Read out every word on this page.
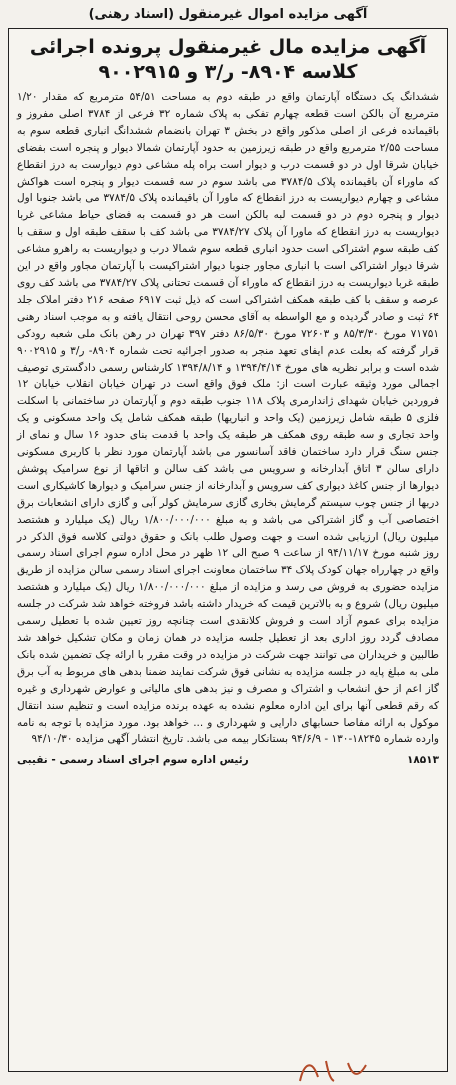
آگهی مزایده اموال غیرمنقول (اسناد رهنی)
آگهی مزایده مال غیرمنقول پرونده اجرائی
کلاسه ۸۹۰۴- ر/۳ و ۹۰۰۲۹۱۵

ششدانگ یک دستگاه آپارتمان واقع در طبقه دوم به مساحت ۵۴/۵۱ مترمربع که مقدار ۱/۲۰ مترمربع آن بالکن است قطعه چهارم تفکی به پلاک شماره ۳۲ فرعی از ۳۷۸۴ اصلی مفروز و باقیمانده فرعی از اصلی مذکور واقع در بخش ۳ تهران بانضمام ششدانگ انباری قطعه سوم به مساحت ۲/۵۵ مترمربع واقع در طبقه زیرزمین به حدود آپارتمان شمالا دیوار و پنجره است بفضای خیابان شرقا اول در دو قسمت درب و دیوار است براه پله مشاعی دوم دیوارست به درز انقطاع که ماوراء آن باقیمانده پلاک ۳۷۸۴/۵ می باشد سوم در سه قسمت دیوار و پنجره است هواکش مشاعی و چهارم دیواریست به درز انقطاع که ماورا آن باقیمانده پلاک ۳۷۸۴/۵ می باشد جنوبا اول دیوار و پنجره دوم در دو قسمت لبه بالکن است هر دو قسمت به فضای حیاط مشاعی غربا دیواریست به درز انقطاع که ماورا آن پلاک ۳۷۸۴/۲۷ می باشد کف با سقف طبقه اول و سقف با کف طبقه سوم اشتراکی است حدود انباری قطعه سوم شمالا درب و دیواریست به راهرو مشاعی شرقا دیوار اشتراکی است با انباری مجاور جنوبا دیوار اشتراکیست با آپارتمان مجاور واقع در این طبقه غربا دیواریست به درز انقطاع که ماوراء آن قسمت تحتانی پلاک ۳۷۸۴/۲۷ می باشد کف روی عرصه و سقف با کف طبقه همکف اشتراکی است که ذیل ثبت ۶۹۱۷ صفحه ۲۱۶ دفتر املاک جلد ۶۴ ثبت و صادر گردیده و مع الواسطه به آقای محسن روحی انتقال یافته و به موجب اسناد رهنی ۷۱۷۵۱ مورخ ۸۵/۳/۳۰ و ۷۲۶۰۳ مورخ ۸۶/۵/۳۰ دفتر ۳۹۷ تهران در رهن بانک ملی شعبه رودکی قرار گرفته که بعلت عدم ایفای تعهد منجر به صدور اجرائیه تحت شماره ۸۹۰۴- ر/۳ و ۹۰۰۲۹۱۵ شده است و برابر نظریه های مورخ ۱۳۹۴/۴/۱۴ و ۱۳۹۴/۸/۱۴ کارشناس رسمی دادگستری توصیف اجمالی مورد وثیقه عبارت است از: ملک فوق واقع است در تهران خیابان انقلاب خیابان ۱۲ فروردین خیابان شهدای ژاندارمری پلاک ۱۱۸ جنوب طبقه دوم و آپارتمان در ساختمانی با اسکلت فلزی ۵ طبقه شامل زیرزمین (یک واحد و انباریها) طبقه همکف شامل یک واحد مسکونی و یک واحد تجاری و سه طبقه روی همکف هر طبقه یک واحد با قدمت بنای حدود ۱۶ سال و نمای از جنس سنگ قرار دارد ساختمان فاقد آسانسور می باشد آپارتمان مورد نظر با کاربری مسکونی دارای سالن ۳ اتاق آبدارخانه و سرویس می باشد کف سالن و اتاقها از نوع سرامیک پوشش دیوارها از جنس کاغذ دیواری کف سرویس و آبدارخانه از جنس سرامیک و دیوارها کاشیکاری است دربها از جنس چوب سیستم گرمایش بخاری گازی سرمایش کولر آبی و گازی دارای انشعابات برق اختصاصی آب و گاز اشتراکی می باشد و به مبلغ ۱/۸۰۰/۰۰۰/۰۰۰ ریال (یک میلیارد و هشتصد میلیون ریال) ارزیابی شده است و جهت وصول طلب بانک و حقوق دولتی کلاسه فوق الذکر در روز شنبه مورخ ۹۴/۱۱/۱۷ از ساعت ۹ صبح الی ۱۲ ظهر در محل اداره سوم اجرای اسناد رسمی واقع در چهارراه جهان کودک پلاک ۳۴ ساختمان معاونت اجرای اسناد رسمی سالن مزایده از طریق مزایده حضوری به فروش می رسد و مزایده از مبلغ ۱/۸۰۰/۰۰۰/۰۰۰ ریال (یک میلیارد و هشتصد میلیون ریال) شروع و به بالاترین قیمت که خریدار داشته باشد فروخته خواهد شد شرکت در جلسه مزایده برای عموم آزاد است و فروش کلانقدی است چنانچه روز تعیین شده با تعطیل رسمی مصادف گردد روز اداری بعد از تعطیل جلسه مزایده در همان زمان و مکان تشکیل خواهد شد طالبین و خریداران می توانند جهت شرکت در مزایده در وقت مقرر با ارائه چک تضمین شده بانک ملی به مبلغ پایه در جلسه مزایده به نشانی فوق شرکت نمایند ضمنا بدهی های مربوط به آب برق گاز اعم از حق انشعاب و اشتراک و مصرف و نیز بدهی های مالیاتی و عوارض شهرداری و غیره که رقم قطعی آنها برای این اداره معلوم نشده به عهده برنده مزایده است و تنظیم سند انتقال موکول به ارائه مفاصا حسابهای دارایی و شهرداری و ... خواهد بود. مورد مزایده با توجه به نامه وارده شماره ۱۸۲۴۵-۱۳۰ - ۹۴/۶/۹ بستانکار بیمه می باشد. تاریخ انتشار آگهی مزایده ۹۴/۱۰/۳۰

۱۸۵۱۳
رئیس اداره سوم اجرای اسناد رسمی - نقیبی
